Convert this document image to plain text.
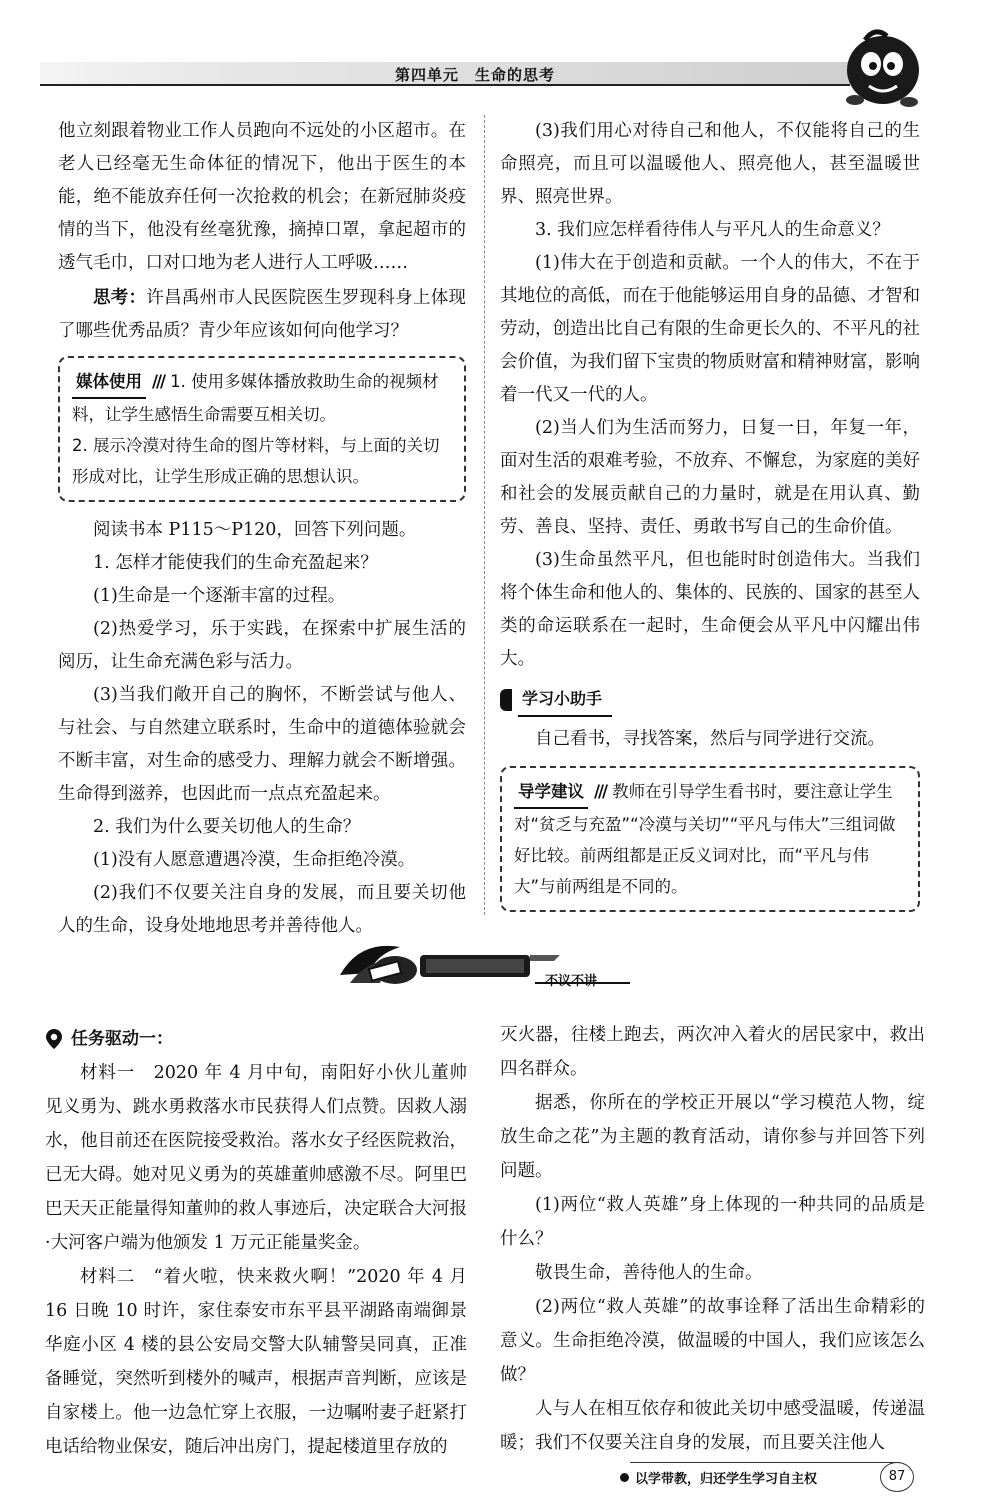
第四单元　生命的思考

他立刻跟着物业工作人员跑向不远处的小区超市。在老人已经毫无生命体征的情况下，他出于医生的本能，绝不能放弃任何一次抢救的机会；在新冠肺炎疫情的当下，他没有丝毫犹豫，摘掉口罩，拿起超市的透气毛巾，口对口地为老人进行人工呼吸……

思考：许昌禹州市人民医院医生罗现科身上体现了哪些优秀品质？青少年应该如何向他学习？

媒体使用 /// 1. 使用多媒体播放救助生命的视频材料，让学生感悟生命需要互相关切。
2. 展示冷漠对待生命的图片等材料，与上面的关切形成对比，让学生形成正确的思想认识。

阅读书本 P115～P120，回答下列问题。

1. 怎样才能使我们的生命充盈起来？

(1)生命是一个逐渐丰富的过程。

(2)热爱学习，乐于实践，在探索中扩展生活的阅历，让生命充满色彩与活力。

(3)当我们敞开自己的胸怀，不断尝试与他人、与社会、与自然建立联系时，生命中的道德体验就会不断丰富，对生命的感受力、理解力就会不断增强。生命得到滋养，也因此而一点点充盈起来。

2. 我们为什么要关切他人的生命？

(1)没有人愿意遭遇冷漠，生命拒绝冷漠。

(2)我们不仅要关注自身的发展，而且要关切他人的生命，设身处地地思考并善待他人。

(3)我们用心对待自己和他人，不仅能将自己的生命照亮，而且可以温暖他人、照亮他人，甚至温暖世界、照亮世界。

3. 我们应怎样看待伟人与平凡人的生命意义？

(1)伟大在于创造和贡献。一个人的伟大，不在于其地位的高低，而在于他能够运用自身的品德、才智和劳动，创造出比自己有限的生命更长久的、不平凡的社会价值，为我们留下宝贵的物质财富和精神财富，影响着一代又一代的人。

(2)当人们为生活而努力，日复一日，年复一年，面对生活的艰难考验，不放弃、不懈怠，为家庭的美好和社会的发展贡献自己的力量时，就是在用认真、勤劳、善良、坚持、责任、勇敢书写自己的生命价值。

(3)生命虽然平凡，但也能时时创造伟大。当我们将个体生命和他人的、集体的、民族的、国家的甚至人类的命运联系在一起时，生命便会从平凡中闪耀出伟大。

学习小助手

自己看书，寻找答案，然后与同学进行交流。

导学建议 /// 教师在引导学生看书时，要注意让学生对“贫乏与充盈”“冷漠与关切”“平凡与伟大”三组词做好比较。前两组都是正反义词对比，而“平凡与伟大”与前两组是不同的。
不议不讲
任务驱动一：

材料一　2020 年 4 月中旬，南阳好小伙儿董帅见义勇为、跳水勇救落水市民获得人们点赞。因救人溺水，他目前还在医院接受救治。落水女子经医院救治，已无大碍。她对见义勇为的英雄董帅感激不尽。阿里巴巴天天正能量得知董帅的救人事迹后，决定联合大河报·大河客户端为他颁发 1 万元正能量奖金。

材料二　“着火啦，快来救火啊！”2020 年 4 月 16 日晚 10 时许，家住泰安市东平县平湖路南端御景华庭小区 4 楼的县公安局交警大队辅警吴同真，正准备睡觉，突然听到楼外的喊声，根据声音判断，应该是自家楼上。他一边急忙穿上衣服，一边嘱咐妻子赶紧打电话给物业保安，随后冲出房门，提起楼道里存放的

灭火器，往楼上跑去，两次冲入着火的居民家中，救出四名群众。

据悉，你所在的学校正开展以“学习模范人物，绽放生命之花”为主题的教育活动，请你参与并回答下列问题。

(1)两位“救人英雄”身上体现的一种共同的品质是什么？

敬畏生命，善待他人的生命。

(2)两位“救人英雄”的故事诠释了活出生命精彩的意义。生命拒绝冷漠，做温暖的中国人，我们应该怎么做？

人与人在相互依存和彼此关切中感受温暖，传递温暖；我们不仅要关注自身的发展，而且要关注他人

以学带教，归还学生学习自主权	87
